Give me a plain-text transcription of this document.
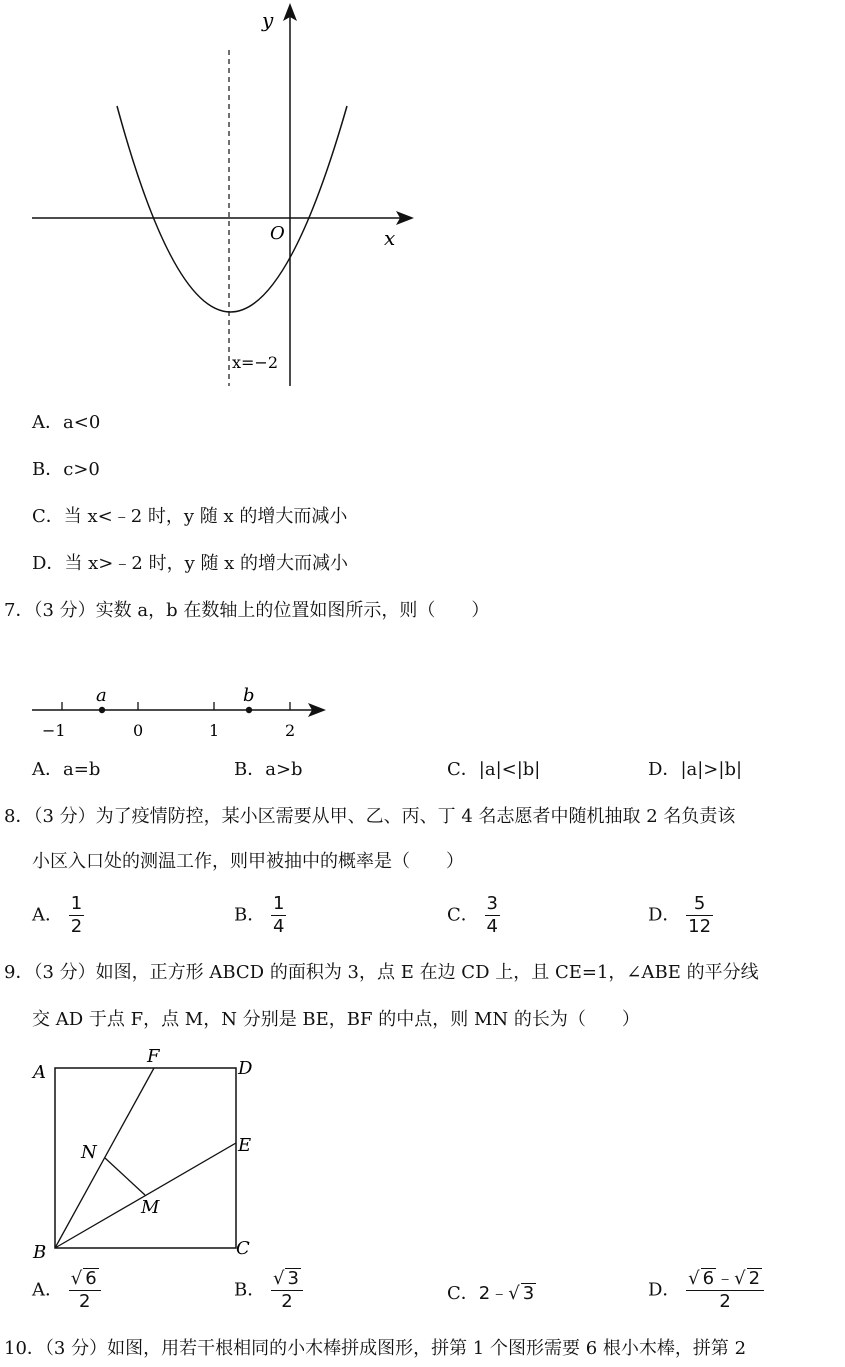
y
x
O
x=−2
A．a<0
B．c>0
C．当 x<﹣2 时，y 随 x 的增大而减小
D．当 x>﹣2 时，y 随 x 的增大而减小
7．（3 分）实数 a，b 在数轴上的位置如图所示，则（　　）
a	b
−1	0	1	2
A．a=b	B．a>b	C．|a|<|b|	D．|a|>|b|
8．（3 分）为了疫情防控，某小区需要从甲、乙、丙、丁 4 名志愿者中随机抽取 2 名负责该
小区入口处的测温工作，则甲被抽中的概率是（　　）
A． $\frac{1}{2}$	B． $\frac{1}{4}$	C． $\frac{3}{4}$	D． $\frac{5}{12}$
9．（3 分）如图，正方形 ABCD 的面积为 3，点 E 在边 CD 上，且 CE=1，∠ABE 的平分线
交 AD 于点 F，点 M，N 分别是 BE，BF 的中点，则 MN 的长为（　　）
A
B	C
D
E
F
M
N
A． $\frac{√ 6}{2}$	B． $\frac{√ 3}{2}$	C．2﹣√ 3	D． $\frac{√ 6 ﹣√ 2}{2}$
10．（3 分）如图，用若干根相同的小木棒拼成图形，拼第 1 个图形需要 6 根小木棒，拼第 2
